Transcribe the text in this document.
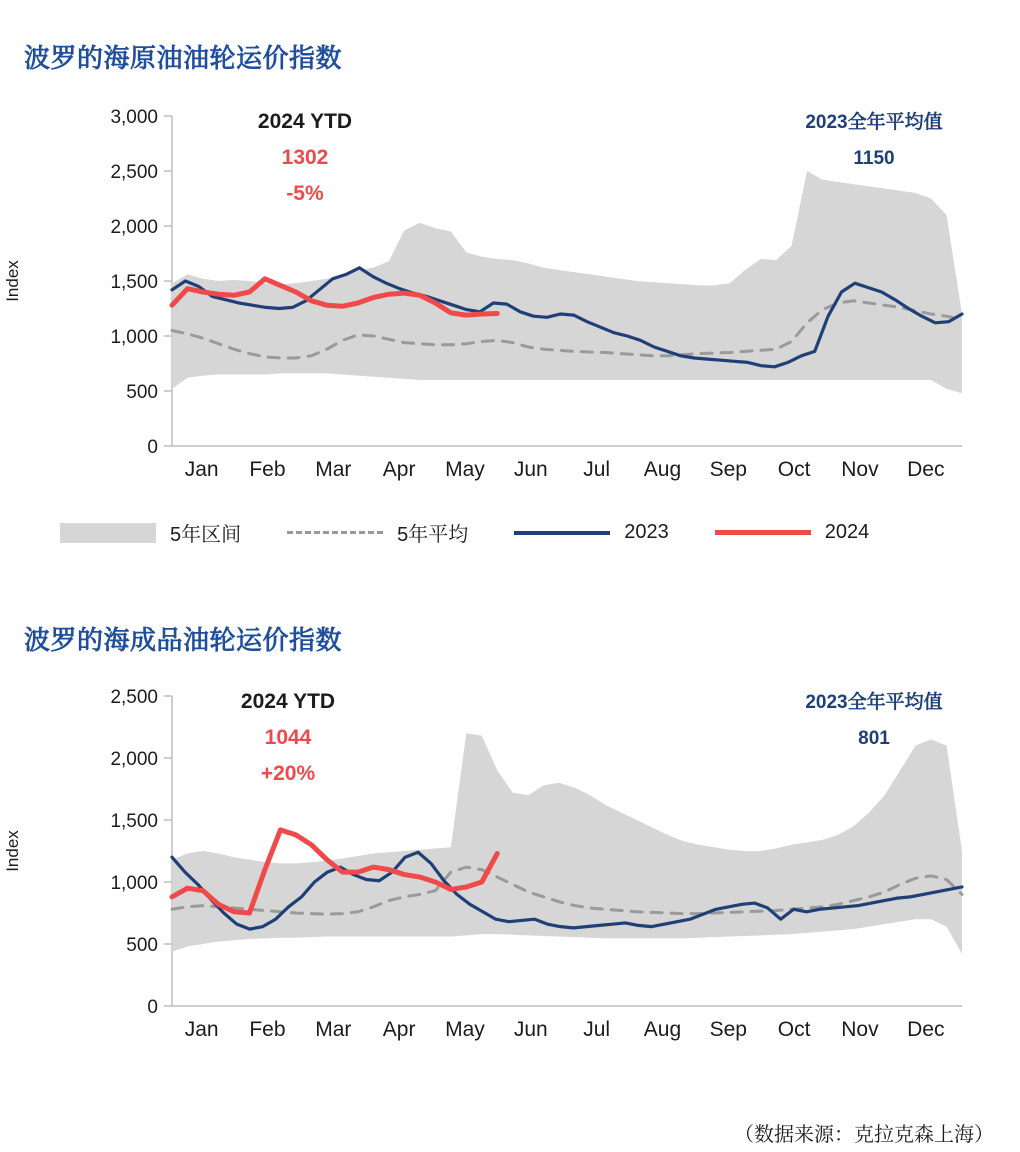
波罗的海原油油轮运价指数
0
500
1,000
1,500
2,000
2,500
3,000
Jan Feb Mar Apr May Jun Jul Aug Sep Oct Nov Dec
Index
2024 YTD
1302
-5%
2023全年平均值
1150
5年区间	5年平均	2023	2024
波罗的海成品油轮运价指数
0
500
1,000
1,500
2,000
2,500
Jan Feb Mar Apr May Jun Jul Aug Sep Oct Nov Dec
Index
2024 YTD
1044
+20%
2023全年平均值
801
（数据来源：克拉克森上海）
